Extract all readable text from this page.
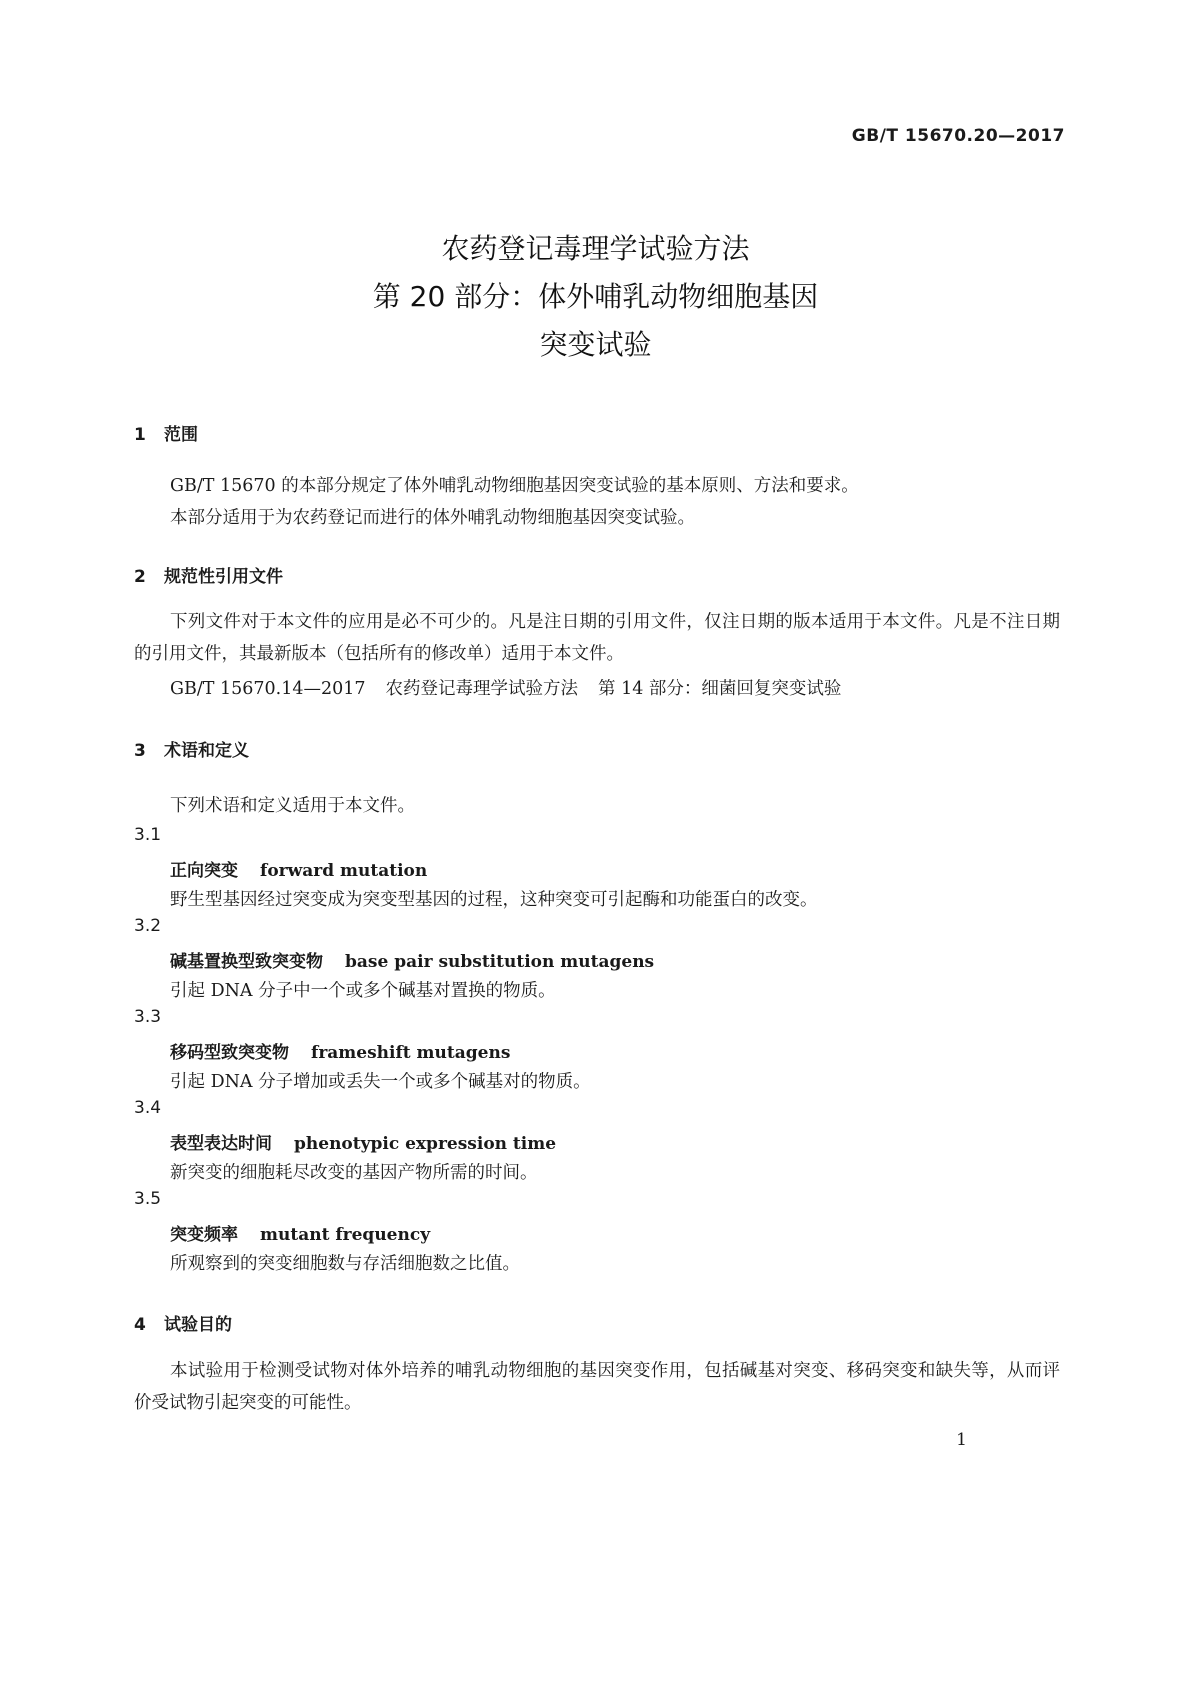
GB/T 15670.20—2017
农药登记毒理学试验方法
第 20 部分：体外哺乳动物细胞基因
突变试验
1 范围
GB/T 15670 的本部分规定了体外哺乳动物细胞基因突变试验的基本原则、方法和要求。
本部分适用于为农药登记而进行的体外哺乳动物细胞基因突变试验。
2 规范性引用文件
下列文件对于本文件的应用是必不可少的。凡是注日期的引用文件，仅注日期的版本适用于本文件。凡是不注日期的引用文件，其最新版本（包括所有的修改单）适用于本文件。
GB/T 15670.14—2017 农药登记毒理学试验方法 第 14 部分：细菌回复突变试验
3 术语和定义
下列术语和定义适用于本文件。
3.1
正向突变 forward mutation
野生型基因经过突变成为突变型基因的过程，这种突变可引起酶和功能蛋白的改变。
3.2
碱基置换型致突变物 base pair substitution mutagens
引起 DNA 分子中一个或多个碱基对置换的物质。
3.3
移码型致突变物 frameshift mutagens
引起 DNA 分子增加或丢失一个或多个碱基对的物质。
3.4
表型表达时间 phenotypic expression time
新突变的细胞耗尽改变的基因产物所需的时间。
3.5
突变频率 mutant frequency
所观察到的突变细胞数与存活细胞数之比值。
4 试验目的
本试验用于检测受试物对体外培养的哺乳动物细胞的基因突变作用，包括碱基对突变、移码突变和缺失等，从而评价受试物引起突变的可能性。
1
